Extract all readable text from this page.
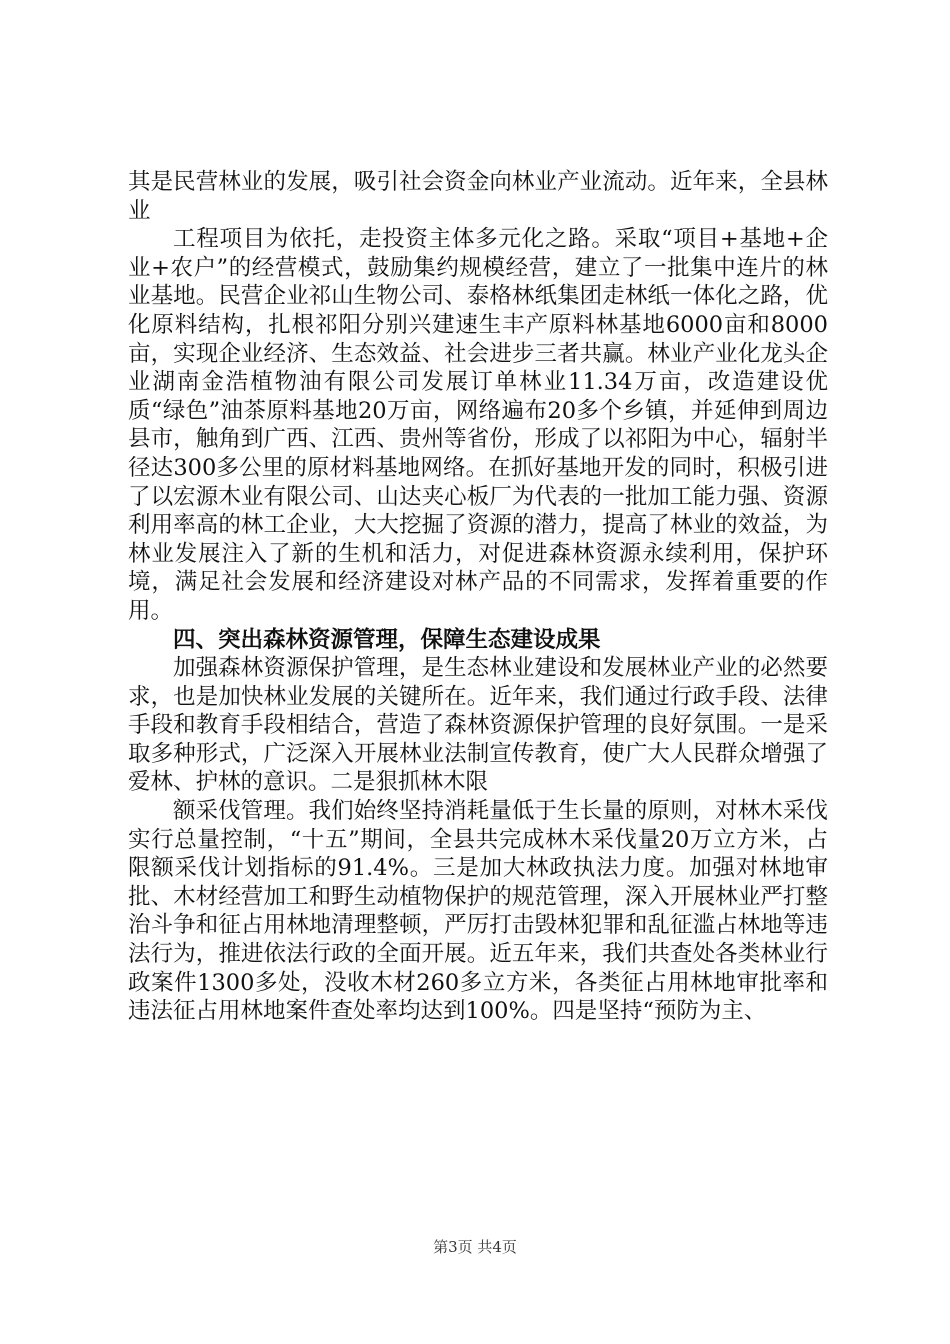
其是民营林业的发展，吸引社会资金向林业产业流动。近年来，全县林业

工程项目为依托，走投资主体多元化之路。采取“项目+基地+企业+农户”的经营模式，鼓励集约规模经营，建立了一批集中连片的林业基地。民营企业祁山生物公司、泰格林纸集团走林纸一体化之路，优化原料结构，扎根祁阳分别兴建速生丰产原料林基地6000亩和8000亩，实现企业经济、生态效益、社会进步三者共赢。林业产业化龙头企业湖南金浩植物油有限公司发展订单林业11.34万亩，改造建设优质“绿色”油茶原料基地20万亩，网络遍布20多个乡镇，并延伸到周边县市，触角到广西、江西、贵州等省份，形成了以祁阳为中心，辐射半径达300多公里的原材料基地网络。在抓好基地开发的同时，积极引进了以宏源木业有限公司、山达夹心板厂为代表的一批加工能力强、资源利用率高的林工企业，大大挖掘了资源的潜力，提高了林业的效益，为林业发展注入了新的生机和活力，对促进森林资源永续利用，保护环境，满足社会发展和经济建设对林产品的不同需求，发挥着重要的作用。

四、突出森林资源管理，保障生态建设成果

加强森林资源保护管理，是生态林业建设和发展林业产业的必然要求，也是加快林业发展的关键所在。近年来，我们通过行政手段、法律手段和教育手段相结合，营造了森林资源保护管理的良好氛围。一是采取多种形式，广泛深入开展林业法制宣传教育，使广大人民群众增强了爱林、护林的意识。二是狠抓林木限

额采伐管理。我们始终坚持消耗量低于生长量的原则，对林木采伐实行总量控制，“十五”期间，全县共完成林木采伐量20万立方米，占限额采伐计划指标的91.4%。三是加大林政执法力度。加强对林地审批、木材经营加工和野生动植物保护的规范管理，深入开展林业严打整治斗争和征占用林地清理整顿，严厉打击毁林犯罪和乱征滥占林地等违法行为，推进依法行政的全面开展。近五年来，我们共查处各类林业行政案件1300多处，没收木材260多立方米，各类征占用林地审批率和违法征占用林地案件查处率均达到100%。四是坚持“预防为主、

第3页 共4页
